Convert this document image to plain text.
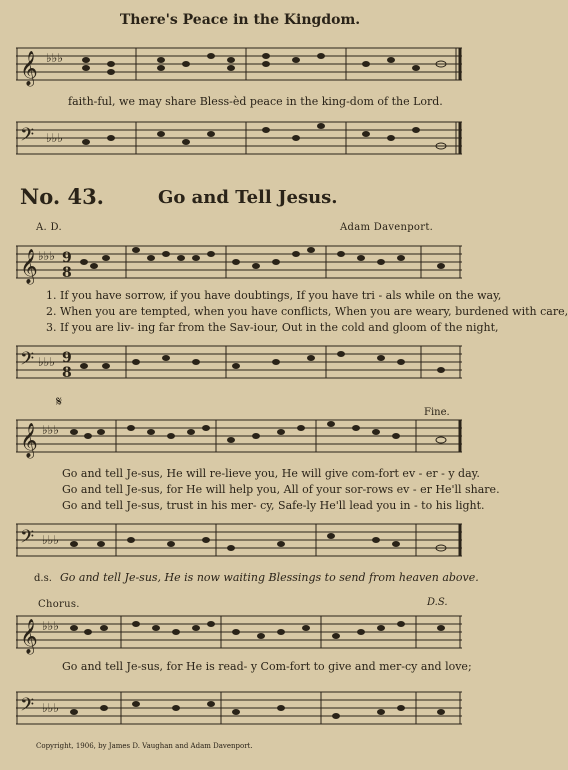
There's Peace in the Kingdom.
𝄞 ♭♭♭
faith-ful, we may share Bless-èd peace in the king-dom of the Lord.
𝄢 ♭♭♭
No. 43.	Go and Tell Jesus.
A. D.	Adam Davenport.
𝄞 ♭♭♭ 9
8
1. If you have sorrow, if you have doubtings, If you have tri - als while on the way,
2. When you are tempted, when you have conflicts, When you are weary, burdened with care,
3. If you are liv- ing far from the Sav-iour, Out in the cold and gloom of the night,
𝄢 ♭♭♭ 9
8
𝄋
Fine.
𝄞 ♭♭♭
Go and tell Je-sus, He will re-lieve you, He will give com-fort ev - er - y day.
Go and tell Je-sus, for He will help you, All of your sor-rows ev - er He'll share.
Go and tell Je-sus, trust in his mer- cy, Safe-ly He'll lead you in - to his light.
𝄢 ♭♭♭
d.s. Go and tell Je-sus, He is now waiting Blessings to send from heaven above.
Chorus.	D.S.
𝄞 ♭♭♭
Go and tell Je-sus, for He is read- y Com-fort to give and mer-cy and love;
𝄢 ♭♭♭
Copyright, 1906, by James D. Vaughan and Adam Davenport.
